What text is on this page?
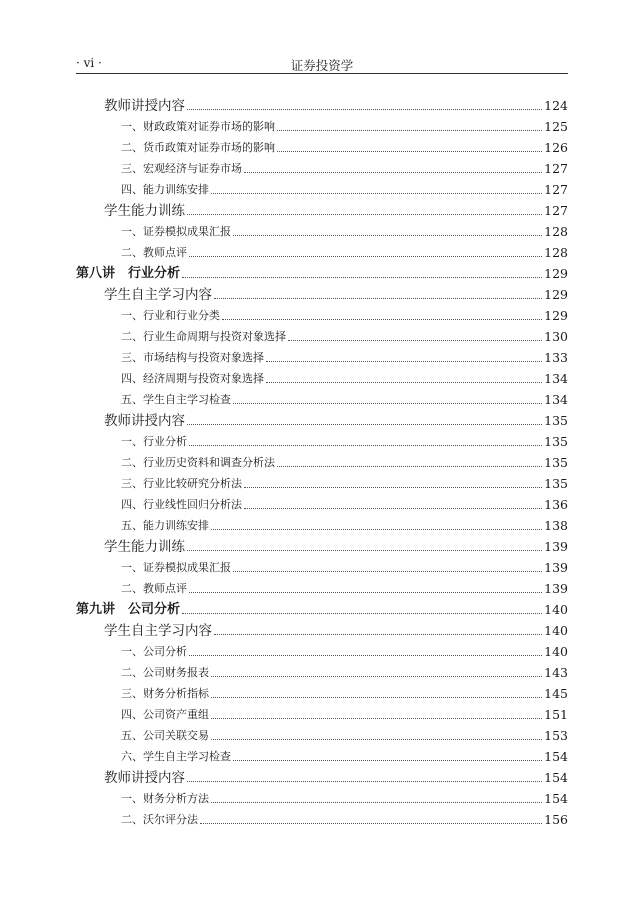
· vi ·	证券投资学
教师讲授内容	124
一、财政政策对证券市场的影响	125
二、货币政策对证券市场的影响	126
三、宏观经济与证券市场	127
四、能力训练安排	127
学生能力训练	127
一、证券模拟成果汇报	128
二、教师点评	128
第八讲　行业分析	129
学生自主学习内容	129
一、行业和行业分类	129
二、行业生命周期与投资对象选择	130
三、市场结构与投资对象选择	133
四、经济周期与投资对象选择	134
五、学生自主学习检查	134
教师讲授内容	135
一、行业分析	135
二、行业历史资料和调查分析法	135
三、行业比较研究分析法	135
四、行业线性回归分析法	136
五、能力训练安排	138
学生能力训练	139
一、证券模拟成果汇报	139
二、教师点评	139
第九讲　公司分析	140
学生自主学习内容	140
一、公司分析	140
二、公司财务报表	143
三、财务分析指标	145
四、公司资产重组	151
五、公司关联交易	153
六、学生自主学习检查	154
教师讲授内容	154
一、财务分析方法	154
二、沃尔评分法	156
